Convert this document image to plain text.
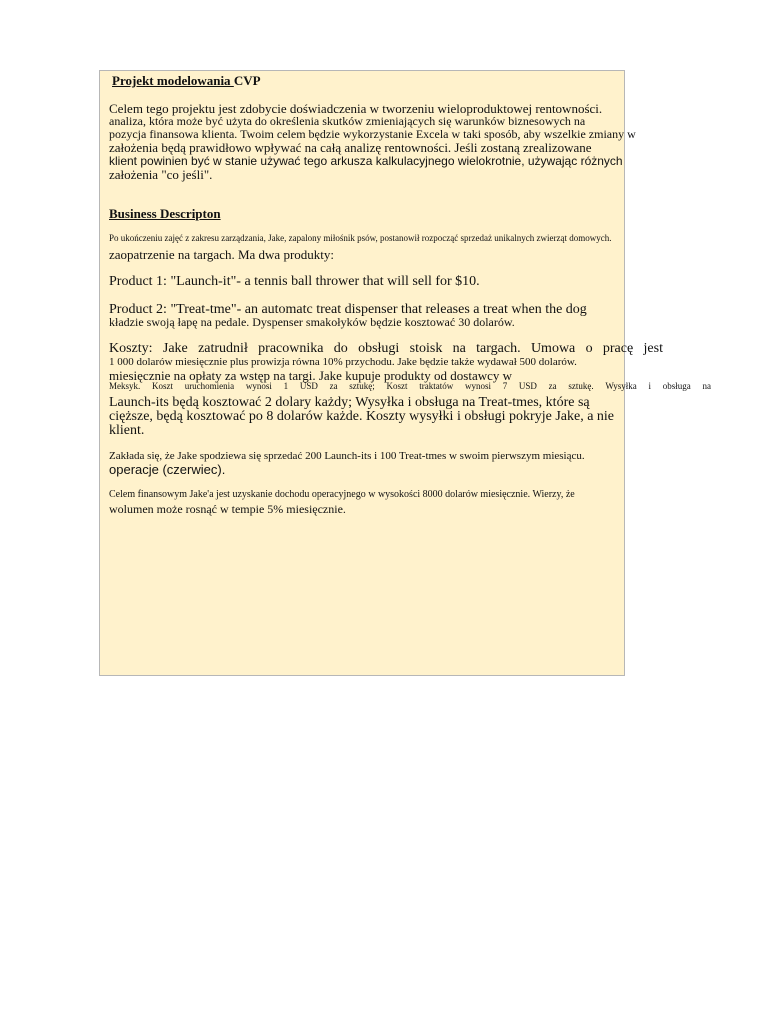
Projekt modelowania CVP

Celem tego projektu jest zdobycie doświadczenia w tworzeniu wieloproduktowej rentowności.

analiza, która może być użyta do określenia skutków zmieniających się warunków biznesowych na

pozycja finansowa klienta. Twoim celem będzie wykorzystanie Excela w taki sposób, aby wszelkie zmiany w

założenia będą prawidłowo wpływać na całą analizę rentowności. Jeśli zostaną zrealizowane

klient powinien być w stanie używać tego arkusza kalkulacyjnego wielokrotnie, używając różnych

założenia "co jeśli".

Business Descripton

Po ukończeniu zajęć z zakresu zarządzania, Jake, zapalony miłośnik psów, postanowił rozpocząć sprzedaż unikalnych zwierząt domowych.

zaopatrzenie na targach. Ma dwa produkty:

Product 1: "Launch-it"- a tennis ball thrower that will sell for $10.

Product 2: "Treat-tme"- an automatc treat dispenser that releases a treat when the dog

kładzie swoją łapę na pedale. Dyspenser smakołyków będzie kosztować 30 dolarów.

Koszty: Jake zatrudnił pracownika do obsługi stoisk na targach. Umowa o pracę jest

1 000 dolarów miesięcznie plus prowizja równa 10% przychodu. Jake będzie także wydawał 500 dolarów.

miesięcznie na opłaty za wstęp na targi. Jake kupuje produkty od dostawcy w

Meksyk. Koszt uruchomienia wynosi 1 USD za sztukę; Koszt traktatów wynosi 7 USD za sztukę. Wysyłka i obsługa na

Launch-its będą kosztować 2 dolary każdy; Wysyłka i obsługa na Treat-tmes, które są

cięższe, będą kosztować po 8 dolarów każde. Koszty wysyłki i obsługi pokryje Jake, a nie

klient.

Zakłada się, że Jake spodziewa się sprzedać 200 Launch-its i 100 Treat-tmes w swoim pierwszym miesiącu.

operacje (czerwiec).

Celem finansowym Jake'a jest uzyskanie dochodu operacyjnego w wysokości 8000 dolarów miesięcznie. Wierzy, że

wolumen może rosnąć w tempie 5% miesięcznie.
